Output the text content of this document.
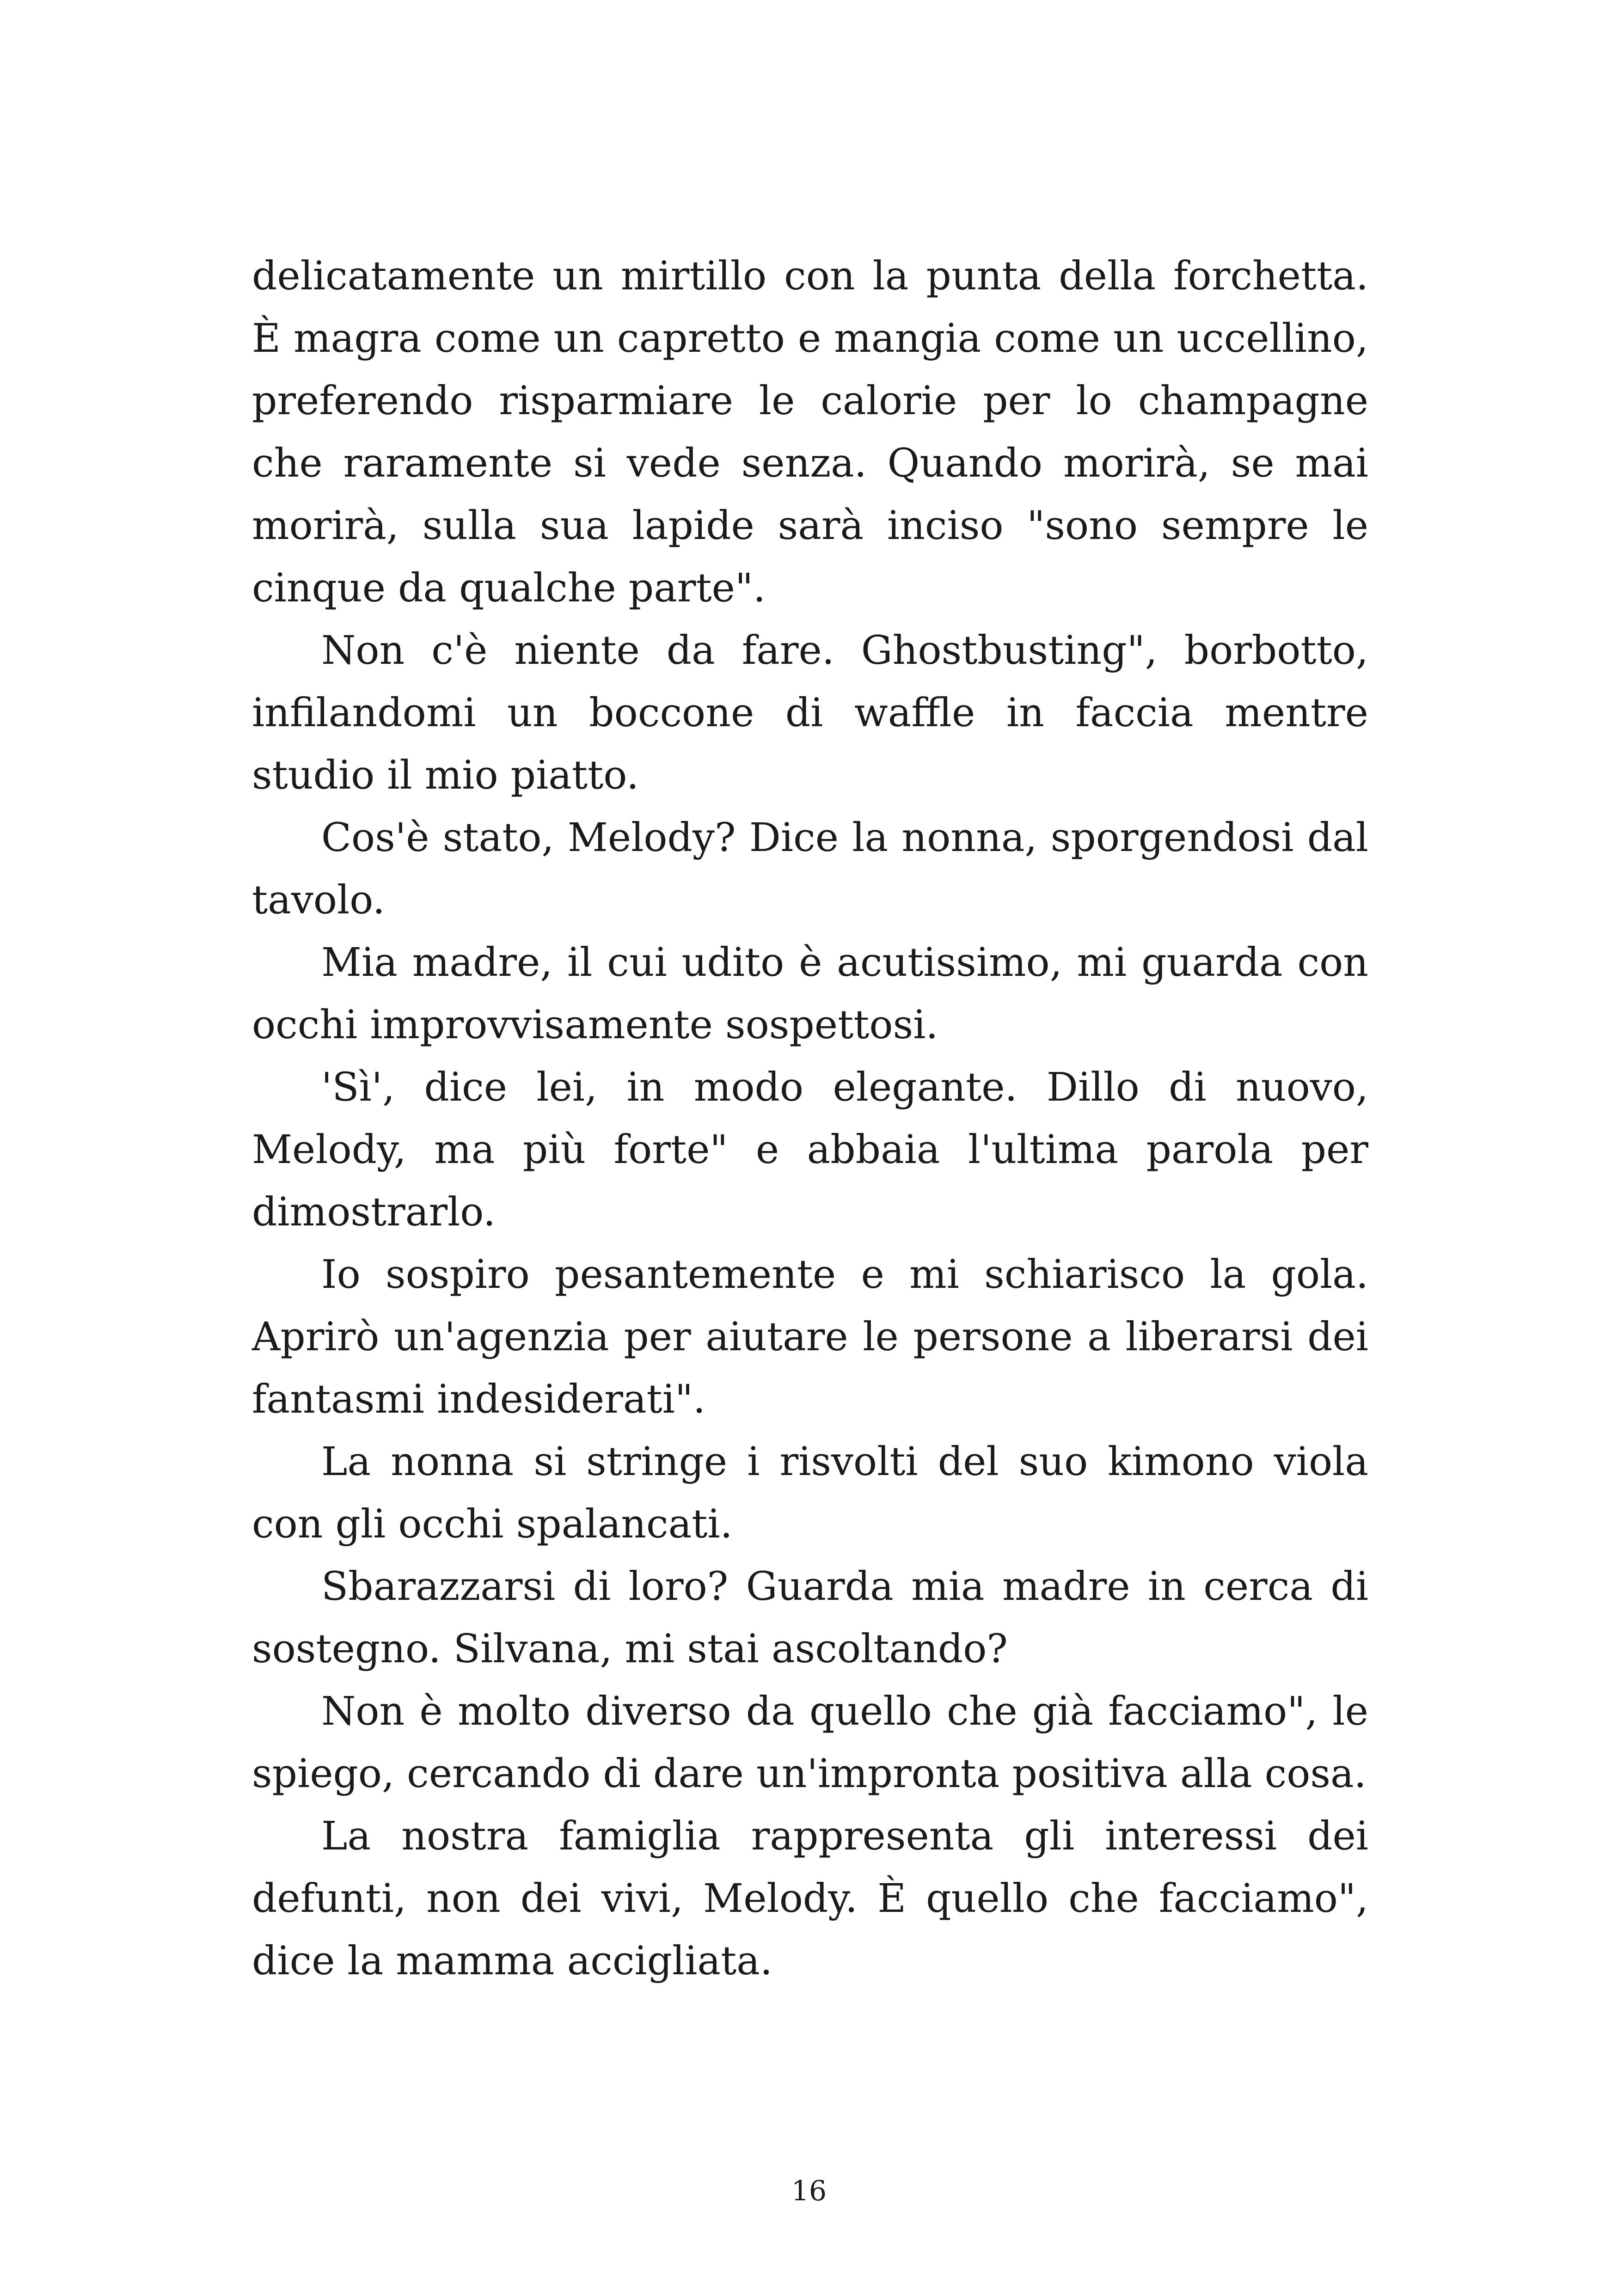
delicatamente un mirtillo con la punta della forchetta. È magra come un capretto e mangia come un uccellino, preferendo risparmiare le calorie per lo champagne che raramente si vede senza. Quando morirà, se mai morirà, sulla sua lapide sarà inciso "sono sempre le cinque da qualche parte".

Non c'è niente da fare. Ghostbusting", borbotto, infilandomi un boccone di waffle in faccia mentre studio il mio piatto.

Cos'è stato, Melody? Dice la nonna, sporgendosi dal tavolo.

Mia madre, il cui udito è acutissimo, mi guarda con occhi improvvisamente sospettosi.

'Sì', dice lei, in modo elegante. Dillo di nuovo, Melody, ma più forte" e abbaia l'ultima parola per dimostrarlo.

Io sospiro pesantemente e mi schiarisco la gola. Aprirò un'agenzia per aiutare le persone a liberarsi dei fantasmi indesiderati".

La nonna si stringe i risvolti del suo kimono viola con gli occhi spalancati.

Sbarazzarsi di loro? Guarda mia madre in cerca di sostegno. Silvana, mi stai ascoltando?

Non è molto diverso da quello che già facciamo", le spiego, cercando di dare un'impronta positiva alla cosa.

La nostra famiglia rappresenta gli interessi dei defunti, non dei vivi, Melody. È quello che facciamo", dice la mamma accigliata.

16
